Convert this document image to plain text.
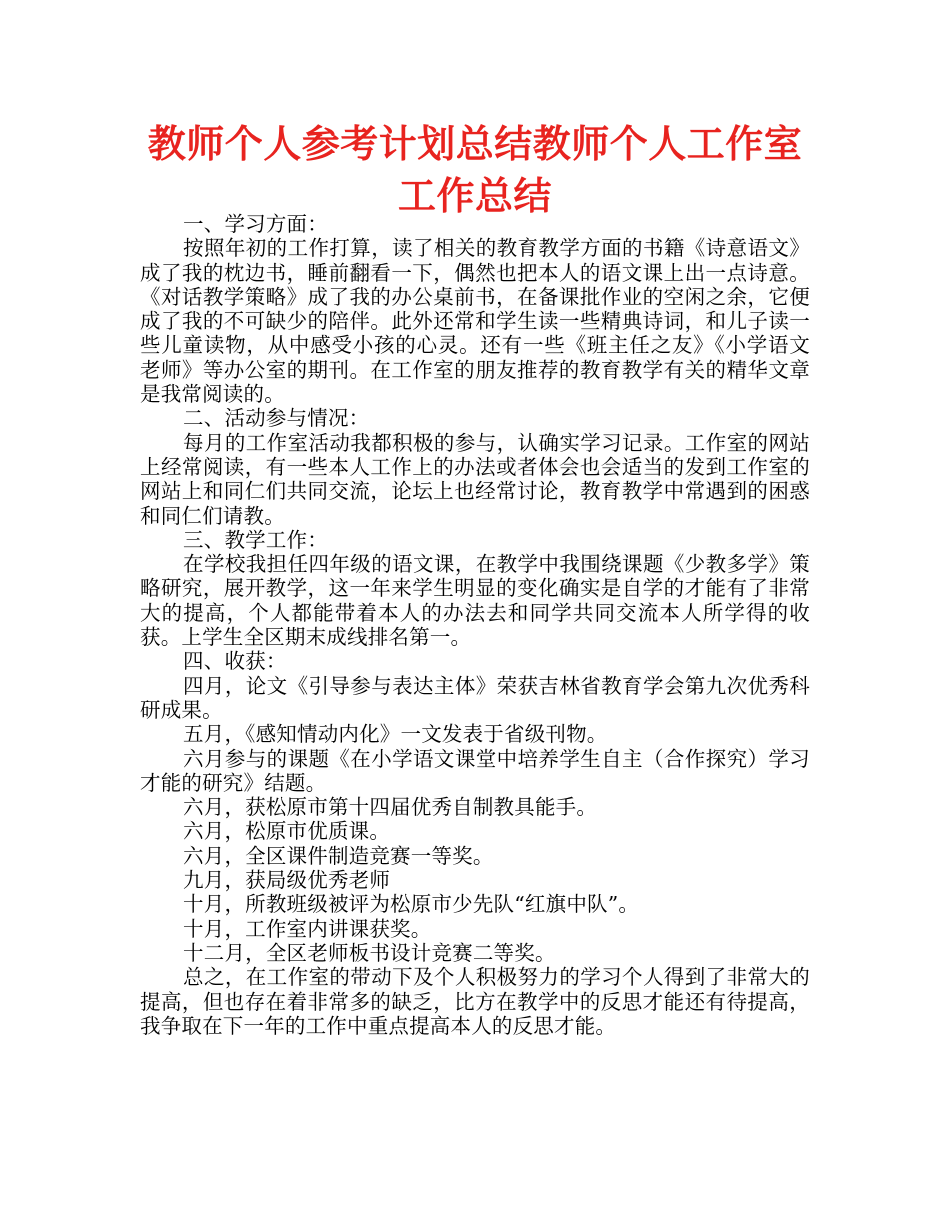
教师个人参考计划总结教师个人工作室工作总结

一、学习方面：

按照年初的工作打算，读了相关的教育教学方面的书籍《诗意语文》成了我的枕边书，睡前翻看一下，偶然也把本人的语文课上出一点诗意。《对话教学策略》成了我的办公桌前书，在备课批作业的空闲之余，它便成了我的不可缺少的陪伴。此外还常和学生读一些精典诗词，和儿子读一些儿童读物，从中感受小孩的心灵。还有一些《班主任之友》《小学语文老师》等办公室的期刊。在工作室的朋友推荐的教育教学有关的精华文章是我常阅读的。

二、活动参与情况：

每月的工作室活动我都积极的参与，认确实学习记录。工作室的网站上经常阅读，有一些本人工作上的办法或者体会也会适当的发到工作室的网站上和同仁们共同交流，论坛上也经常讨论，教育教学中常遇到的困惑和同仁们请教。

三、教学工作：

在学校我担任四年级的语文课，在教学中我围绕课题《少教多学》策略研究，展开教学，这一年来学生明显的变化确实是自学的才能有了非常大的提高，个人都能带着本人的办法去和同学共同交流本人所学得的收获。上学生全区期末成线排名第一。

四、收获：

四月，论文《引导参与表达主体》荣获吉林省教育学会第九次优秀科研成果。

五月，《感知情动内化》一文发表于省级刊物。

六月参与的课题《在小学语文课堂中培养学生自主（合作探究）学习才能的研究》结题。

六月，获松原市第十四届优秀自制教具能手。

六月，松原市优质课。

六月，全区课件制造竞赛一等奖。

九月，获局级优秀老师

十月，所教班级被评为松原市少先队“红旗中队”。

十月，工作室内讲课获奖。

十二月，全区老师板书设计竞赛二等奖。

总之，在工作室的带动下及个人积极努力的学习个人得到了非常大的提高，但也存在着非常多的缺乏，比方在教学中的反思才能还有待提高，我争取在下一年的工作中重点提高本人的反思才能。
